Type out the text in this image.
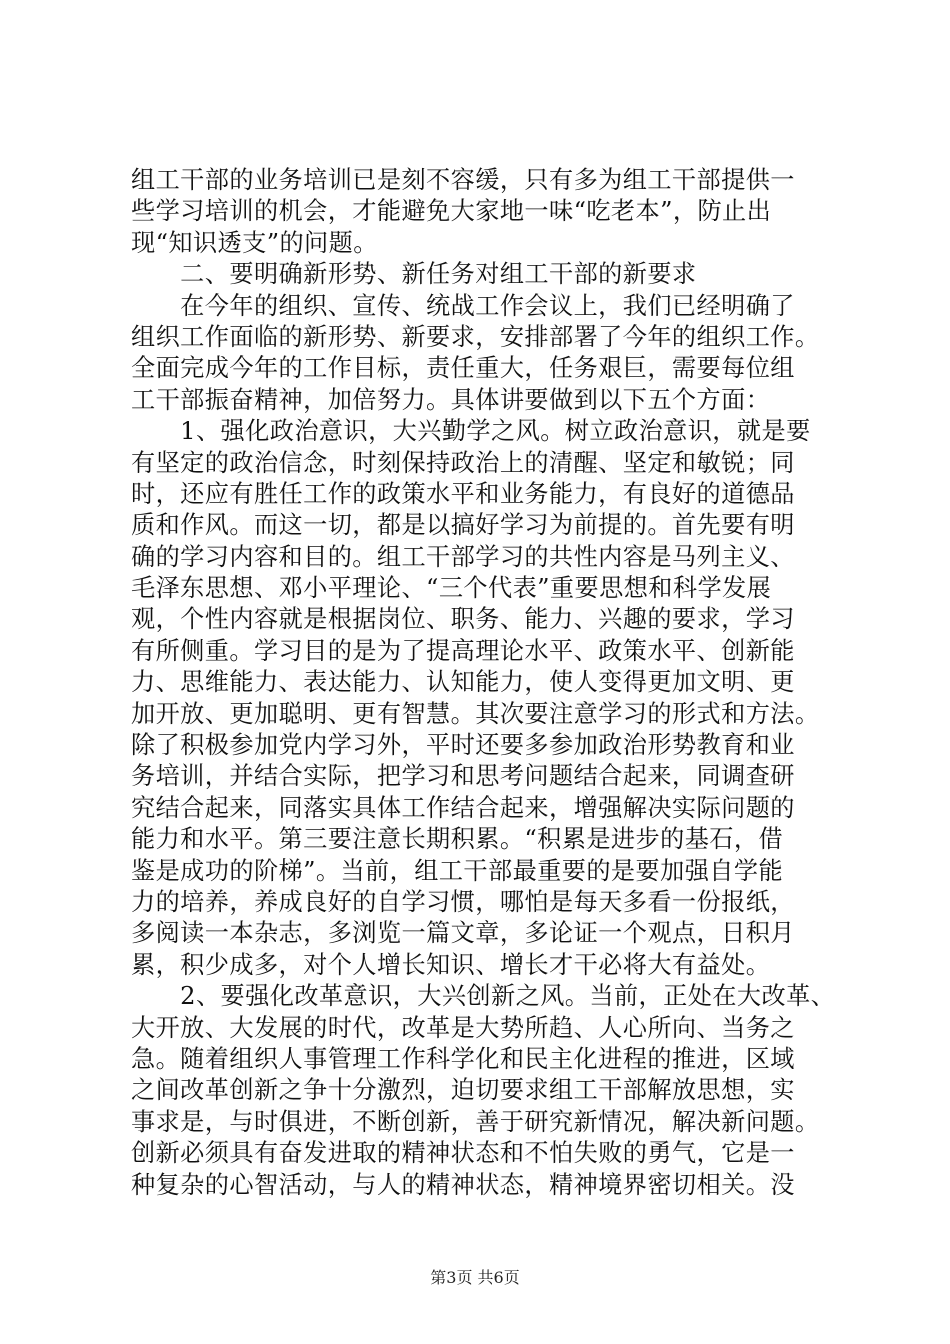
组工干部的业务培训已是刻不容缓，只有多为组工干部提供一
些学习培训的机会，才能避免大家地一味“吃老本”，防止出
现“知识透支”的问题。
　　二、要明确新形势、新任务对组工干部的新要求
　　在今年的组织、宣传、统战工作会议上，我们已经明确了
组织工作面临的新形势、新要求，安排部署了今年的组织工作。
全面完成今年的工作目标，责任重大，任务艰巨，需要每位组
工干部振奋精神，加倍努力。具体讲要做到以下五个方面：
　　1、强化政治意识，大兴勤学之风。树立政治意识，就是要
有坚定的政治信念，时刻保持政治上的清醒、坚定和敏锐；同
时，还应有胜任工作的政策水平和业务能力，有良好的道德品
质和作风。而这一切，都是以搞好学习为前提的。首先要有明
确的学习内容和目的。组工干部学习的共性内容是马列主义、
毛泽东思想、邓小平理论、“三个代表”重要思想和科学发展
观，个性内容就是根据岗位、职务、能力、兴趣的要求，学习
有所侧重。学习目的是为了提高理论水平、政策水平、创新能
力、思维能力、表达能力、认知能力，使人变得更加文明、更
加开放、更加聪明、更有智慧。其次要注意学习的形式和方法。
除了积极参加党内学习外，平时还要多参加政治形势教育和业
务培训，并结合实际，把学习和思考问题结合起来，同调查研
究结合起来，同落实具体工作结合起来，增强解决实际问题的
能力和水平。第三要注意长期积累。“积累是进步的基石，借
鉴是成功的阶梯”。当前，组工干部最重要的是要加强自学能
力的培养，养成良好的自学习惯，哪怕是每天多看一份报纸，
多阅读一本杂志，多浏览一篇文章，多论证一个观点，日积月
累，积少成多，对个人增长知识、增长才干必将大有益处。
　　2、要强化改革意识，大兴创新之风。当前，正处在大改革、
大开放、大发展的时代，改革是大势所趋、人心所向、当务之
急。随着组织人事管理工作科学化和民主化进程的推进，区域
之间改革创新之争十分激烈，迫切要求组工干部解放思想，实
事求是，与时俱进，不断创新，善于研究新情况，解决新问题。
创新必须具有奋发进取的精神状态和不怕失败的勇气，它是一
种复杂的心智活动，与人的精神状态，精神境界密切相关。没
第3页 共6页
